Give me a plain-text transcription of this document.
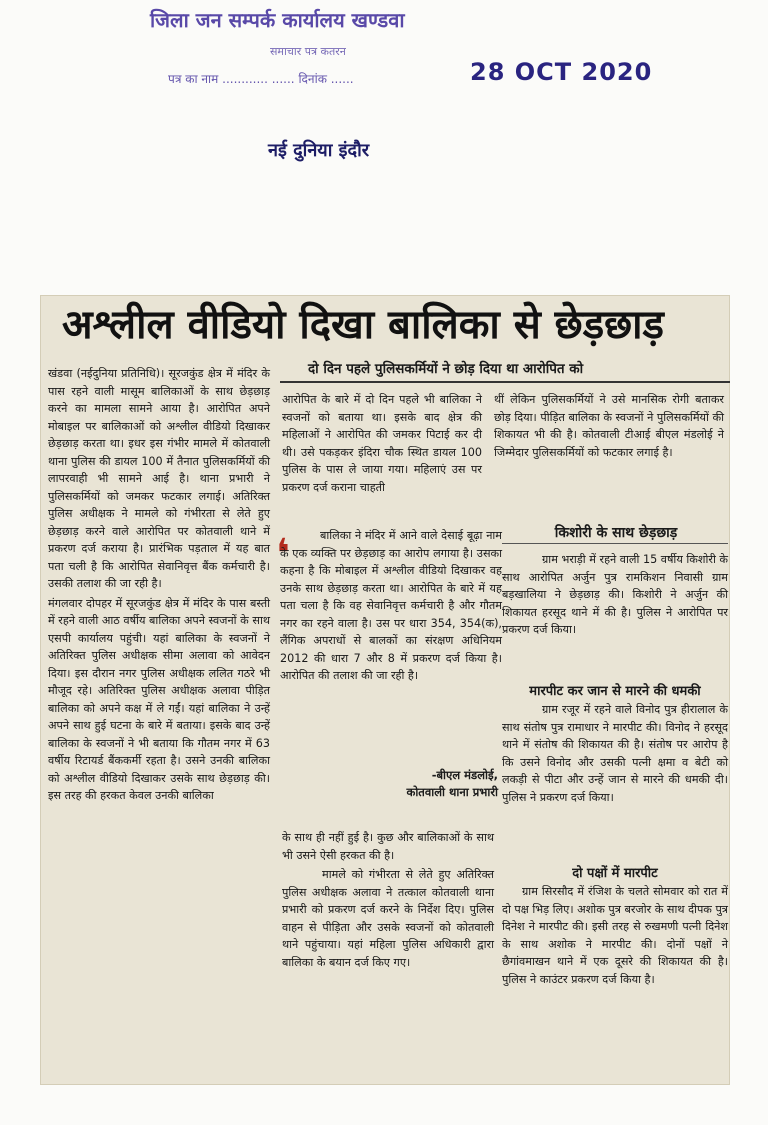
जिला जन सम्पर्क कार्यालय खण्डवा
समाचार पत्र कतरन
पत्र का नाम ............ ...... दिनांक ......	28 OCT 2020
नई दुनिया इंदौर
अश्लील वीडियो दिखा बालिका से छेड़छाड़

खंडवा (नईदुनिया प्रतिनिधि)। सूरजकुंड क्षेत्र में मंदिर के पास रहने वाली मासूम बालिकाओं के साथ छेड़छाड़ करने का मामला सामने आया है। आरोपित अपने मोबाइल पर बालिकाओं को अश्लील वीडियो दिखाकर छेड़छाड़ करता था। इधर इस गंभीर मामले में कोतवाली थाना पुलिस की डायल 100 में तैनात पुलिसकर्मियों की लापरवाही भी सामने आई है। थाना प्रभारी ने पुलिसकर्मियों को जमकर फटकार लगाई। अतिरिक्त पुलिस अधीक्षक ने मामले को गंभीरता से लेते हुए छेड़छाड़ करने वाले आरोपित पर कोतवाली थाने में प्रकरण दर्ज कराया है। प्रारंभिक पड़ताल में यह बात पता चली है कि आरोपित सेवानिवृत्त बैंक कर्मचारी है। उसकी तलाश की जा रही है।

मंगलवार दोपहर में सूरजकुंड क्षेत्र में मंदिर के पास बस्ती में रहने वाली आठ वर्षीय बालिका अपने स्वजनों के साथ एसपी कार्यालय पहुंची। यहां बालिका के स्वजनों ने अतिरिक्त पुलिस अधीक्षक सीमा अलावा को आवेदन दिया। इस दौरान नगर पुलिस अधीक्षक ललित गठरे भी मौजूद रहे। अतिरिक्त पुलिस अधीक्षक अलावा पीड़ित बालिका को अपने कक्ष में ले गईं। यहां बालिका ने उन्हें अपने साथ हुई घटना के बारे में बताया। इसके बाद उन्हें बालिका के स्वजनों ने भी बताया कि गौतम नगर में 63 वर्षीय रिटायर्ड बैंककर्मी रहता है। उसने उनकी बालिका को अश्लील वीडियो दिखाकर उसके साथ छेड़छाड़ की। इस तरह की हरकत केवल उनकी बालिका

दो दिन पहले पुलिसकर्मियों ने छोड़ दिया था आरोपित को
आरोपित के बारे में दो दिन पहले भी बालिका ने स्वजनों को बताया था। इसके बाद क्षेत्र की महिलाओं ने आरोपित की जमकर पिटाई कर दी थी। उसे पकड़कर इंदिरा चौक स्थित डायल 100 पुलिस के पास ले जाया गया। महिलाएं उस पर प्रकरण दर्ज कराना चाहती
थीं लेकिन पुलिसकर्मियों ने उसे मानसिक रोगी बताकर छोड़ दिया। पीड़ित बालिका के स्वजनों ने पुलिसकर्मियों की शिकायत भी की है। कोतवाली टीआई बीएल मंडलोई ने जिम्मेदार पुलिसकर्मियों को फटकार लगाई है।
❛	बालिका ने मंदिर में आने वाले देसाई बूढ़ा नाम के एक व्यक्ति पर छेड़छाड़ का आरोप लगाया है। उसका कहना है कि मोबाइल में अश्लील वीडियो दिखाकर वह उनके साथ छेड़छाड़ करता था। आरोपित के बारे में यह पता चला है कि वह सेवानिवृत्त कर्मचारी है और गौतम नगर का रहने वाला है। उस पर धारा 354, 354(क), लैंगिक अपराधों से बालकों का संरक्षण अधिनियम 2012 की धारा 7 और 8 में प्रकरण दर्ज किया है। आरोपित की तलाश की जा रही है।
-बीएल मंडलोई,
कोतवाली थाना प्रभारी

के साथ ही नहीं हुई है। कुछ और बालिकाओं के साथ भी उसने ऐसी हरकत की है।

मामले को गंभीरता से लेते हुए अतिरिक्त पुलिस अधीक्षक अलावा ने तत्काल कोतवाली थाना प्रभारी को प्रकरण दर्ज करने के निर्देश दिए। पुलिस वाहन से पीड़िता और उसके स्वजनों को कोतवाली थाने पहुंचाया। यहां महिला पुलिस अधिकारी द्वारा बालिका के बयान दर्ज किए गए।

किशोरी के साथ छेड़छाड़
ग्राम भराड़ी में रहने वाली 15 वर्षीय किशोरी के साथ आरोपित अर्जुन पुत्र रामकिशन निवासी ग्राम बड़खालिया ने छेड़छाड़ की। किशोरी ने अर्जुन की शिकायत हरसूद थाने में की है। पुलिस ने आरोपित पर प्रकरण दर्ज किया।
मारपीट कर जान से मारने की धमकी
ग्राम रजूर में रहने वाले विनोद पुत्र हीरालाल के साथ संतोष पुत्र रामाधार ने मारपीट की। विनोद ने हरसूद थाने में संतोष की शिकायत की है। संतोष पर आरोप है कि उसने विनोद और उसकी पत्नी क्षमा व बेटी को लकड़ी से पीटा और उन्हें जान से मारने की धमकी दी। पुलिस ने प्रकरण दर्ज किया।
दो पक्षों में मारपीट
ग्राम सिरसौद में रंजिश के चलते सोमवार को रात में दो पक्ष भिड़ लिए। अशोक पुत्र बरजोर के साथ दीपक पुत्र दिनेश ने मारपीट की। इसी तरह से रुखमणी पत्नी दिनेश के साथ अशोक ने मारपीट की। दोनों पक्षों ने छैगांवमाखन थाने में एक दूसरे की शिकायत की है। पुलिस ने काउंटर प्रकरण दर्ज किया है।
